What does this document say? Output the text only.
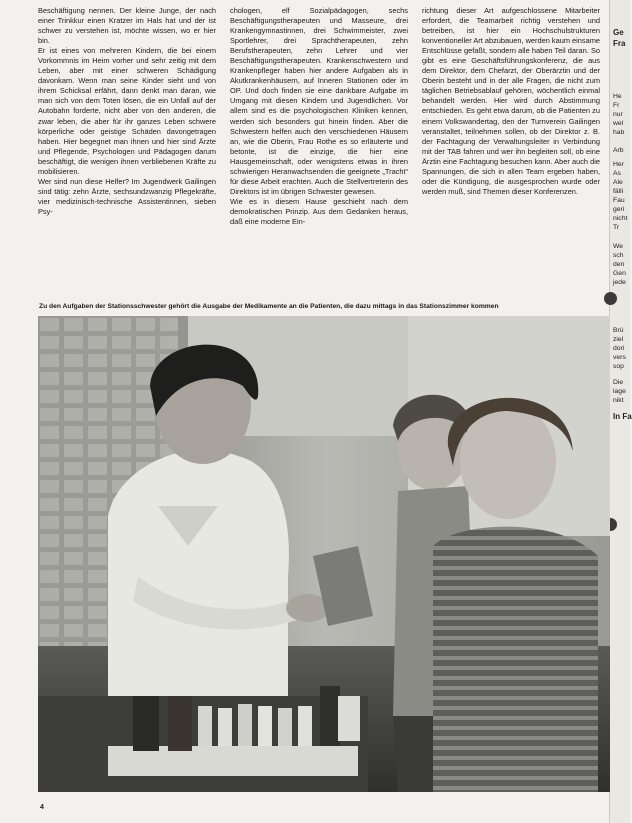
Beschäftigung nennen. Der kleine Junge, der nach einer Trinkkur einen Kratzer im Hals hat und der ist schwer zu verstehen ist, möchte wissen, wo er hier bin.

Er ist eines von mehreren Kindern, die bei einem Vorkommnis im Heim vorher und sehr zeitig mit dem Leben, aber mit einer schweren Schädigung davonkam. Wenn man seine Kinder sieht und von ihrem Schicksal erfährt, dann denkt man daran, wie man sich von dem Toten lösen, die ein Unfall auf der Autobahn forderte, nicht aber von den anderen, die zwar leben, die aber für ihr ganzes Leben schwere körperliche oder geistige Schäden davongetragen haben. Hier begegnet man ihnen und hier sind Ärzte und Pflegende, Psychologen und Pädagogen darum beschäftigt, die wenigen ihnen verbliebenen Kräfte zu mobilisieren.

Wer sind nun diese Helfer? Im Jugendwerk Gailingen sind tätig: zehn Ärzte, sechsundzwanzig Pflegekräfte, vier medizinisch-technische Assistentinnen, sieben Psy-

chologen, elf Sozialpädagogen, sechs Beschäftigungstherapeuten und Masseure, drei Krankengymnastinnen, drei Schwimmeister, zwei Sportlehrer, drei Sprachtherapeuten, zehn Berufstherapeuten, zehn Lehrer und vier Beschäftigungstherapeuten. Krankenschwestern und Krankenpfleger haben hier andere Aufgaben als in Akutkrankenhäusern, auf Inneren Stationen oder im OP. Und doch finden sie eine dankbare Aufgabe im Umgang mit diesen Kindern und Jugendlichen. Vor allem sind es die psychologischen Kliniken kennen, werden sich besonders gut hinein finden. Aber die Schwestern helfen auch den verschiedenen Häusern an, wie die Oberin, Frau Rothe es so erläuterte und betonte, ist die einzige, die hier eine Hausgemeinschaft, oder wenigstens etwas in ihren schwierigen Heranwachsenden die geeignete „Tracht“ für diese Arbeit erachten. Auch die Stellvertreterin des Direktors ist im übrigen Schwester gewesen.

Wie es in diesem Hause geschieht nach dem demokratischen Prinzip. Aus dem Gedanken heraus, daß eine moderne Ein-

richtung dieser Art aufgeschlossene Mitarbeiter erfordert, die Teamarbeit richtig verstehen und betreiben, ist hier ein Hochschulstrukturen konventioneller Art abzubauen, werden kaum einsame Entschlüsse gefaßt, sondern alle haben Teil daran. So gibt es eine Geschäftsführungskonferenz, die aus dem Direktor, dem Chefarzt, der Oberärztin und der Oberin besteht und in der alle Fragen, die nicht zum täglichen Betriebsablauf gehören, wöchentlich einmal behandelt werden. Hier wird durch Abstimmung entschieden. Es geht etwa darum, ob die Patienten zu einem Volkswandertag, den der Turnverein Gailingen veranstaltet, teilnehmen sollen, ob der Direktor z. B. der Fachtagung der Verwaltungsleiter in Verbindung mit der TAB fahren und wer ihn begleiten soll, ob eine Ärztin eine Fachtagung besuchen kann. Aber auch die Spannungen, die sich in allen Team ergeben haben, oder die Kündigung, die ausgesprochen wurde oder werden muß, sind Themen dieser Konferenzen.

Ge
Fra
He
Fr
nur
wel
hab
Arb
Her
As
Ale
fälli
Fau
geri
nicht
Tr
We
sch
den
Gen
jede
Brü
ziel
dori
vers
sop
Die
lage
nikt
In Fa
Zu den Aufgaben der Stationsschwester gehört die Ausgabe der Medikamente an die Patienten, die dazu mittags in das Stationszimmer kommen
4
